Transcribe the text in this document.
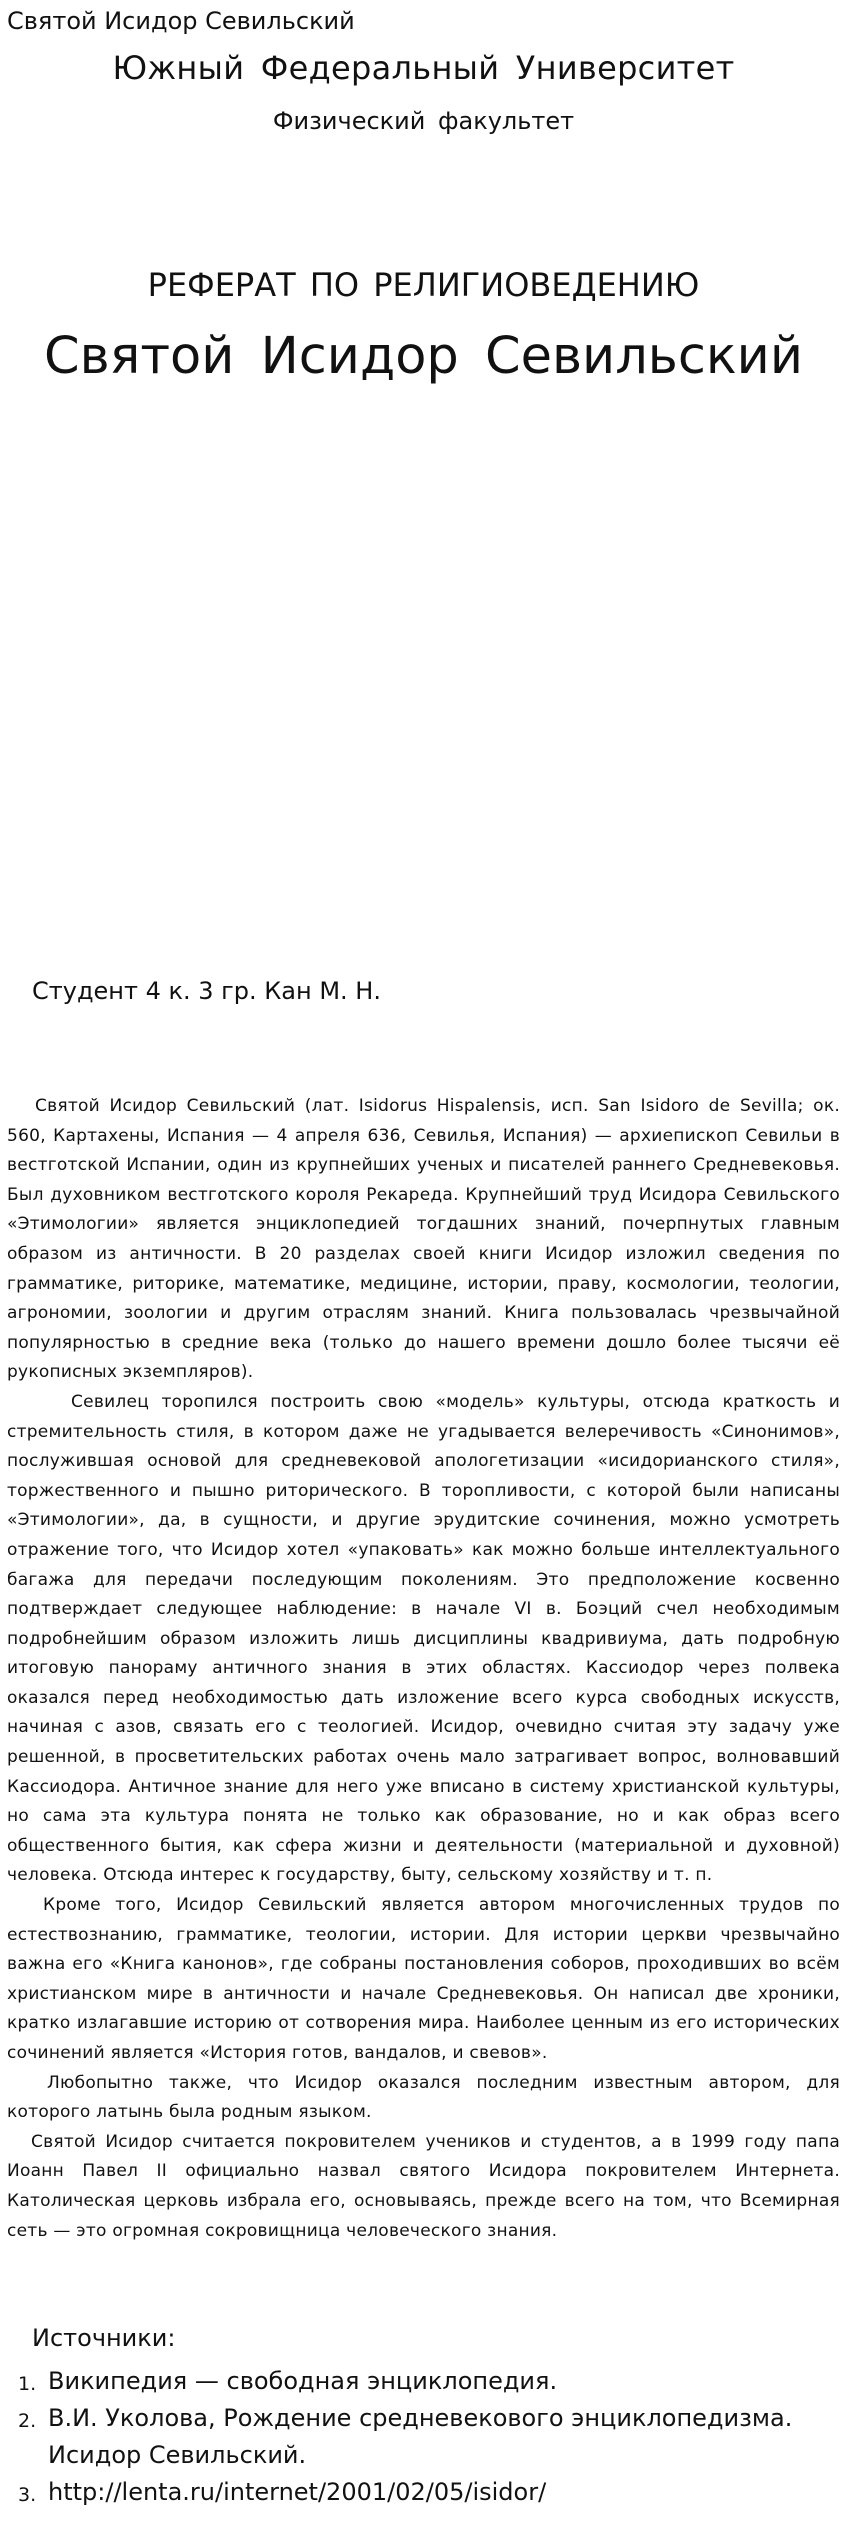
Святой Исидор Севильский
Южный Федеральный Университет
Физический факультет
РЕФЕРАТ ПО РЕЛИГИОВЕДЕНИЮ
Святой Исидор Севильский
Студент 4 к. 3 гр. Кан М. Н.

Святой Исидор Севильский (лат. Isidorus Hispalensis, исп. San Isidoro de Sevilla; ок.

560, Картахены, Испания — 4 апреля 636, Севилья, Испания) — архиепископ Севильи в вестготской Испании, один из крупнейших ученых и писателей раннего Средневековья. Был духовником вестготского короля Рекареда. Крупнейший труд Исидора Севильского «Этимологии» является энциклопедией тогдашних знаний, почерпнутых главным образом из античности. В 20 разделах своей книги Исидор изложил сведения по грамматике, риторике, математике, медицине, истории, праву, космологии, теологии, агрономии, зоологии и другим отраслям знаний. Книга пользовалась чрезвычайной популярностью в средние века (только до нашего времени дошло более тысячи её рукописных экземпляров).

Севилец торопился построить свою «модель» культуры, отсюда краткость и стремительность стиля, в котором даже не угадывается велеречивость «Синонимов», послужившая основой для средневековой апологетизации «исидорианского стиля», торжественного и пышно риторического. В торопливости, с которой были написаны «Этимологии», да, в сущности, и другие эрудитские сочинения, можно усмотреть отражение того, что Исидор хотел «упаковать» как можно больше интеллектуального багажа для передачи последующим поколениям. Это предположение косвенно подтверждает следующее наблюдение: в начале VI в. Боэций счел необходимым подробнейшим образом изложить лишь дисциплины квадривиума, дать подробную итоговую панораму античного знания в этих областях. Кассиодор через полвека оказался перед необходимостью дать изложение всего курса свободных искусств, начиная с азов, связать его с теологией. Исидор, очевидно считая эту задачу уже решенной, в просветительских работах очень мало затрагивает вопрос, волновавший Кассиодора. Античное знание для него уже вписано в систему христианской культуры, но сама эта культура понята не только как образование, но и как образ всего общественного бытия, как сфера жизни и деятельности (материальной и духовной) человека. Отсюда интерес к государству, быту, сельскому хозяйству и т. п.

Кроме того, Исидор Севильский является автором многочисленных трудов по естествознанию, грамматике, теологии, истории. Для истории церкви чрезвычайно важна его «Книга канонов», где собраны постановления соборов, проходивших во всём христианском мире в античности и начале Средневековья. Он написал две хроники, кратко излагавшие историю от сотворения мира. Наиболее ценным из его исторических сочинений является «История готов, вандалов, и свевов».

Любопытно также, что Исидор оказался последним известным автором, для которого латынь была родным языком.

Святой Исидор считается покровителем учеников и студентов, а в 1999 году папа Иоанн Павел II официально назвал святого Исидора покровителем Интернета. Католическая церковь избрала его, основываясь, прежде всего на том, что Всемирная сеть — это огромная сокровищница человеческого знания.

Источники:
1. Википедия — свободная энциклопедия.
2. В.И. Уколова, Рождение средневекового энциклопедизма. Исидор Севильский.
3. http://lenta.ru/internet/2001/02/05/isidor/
